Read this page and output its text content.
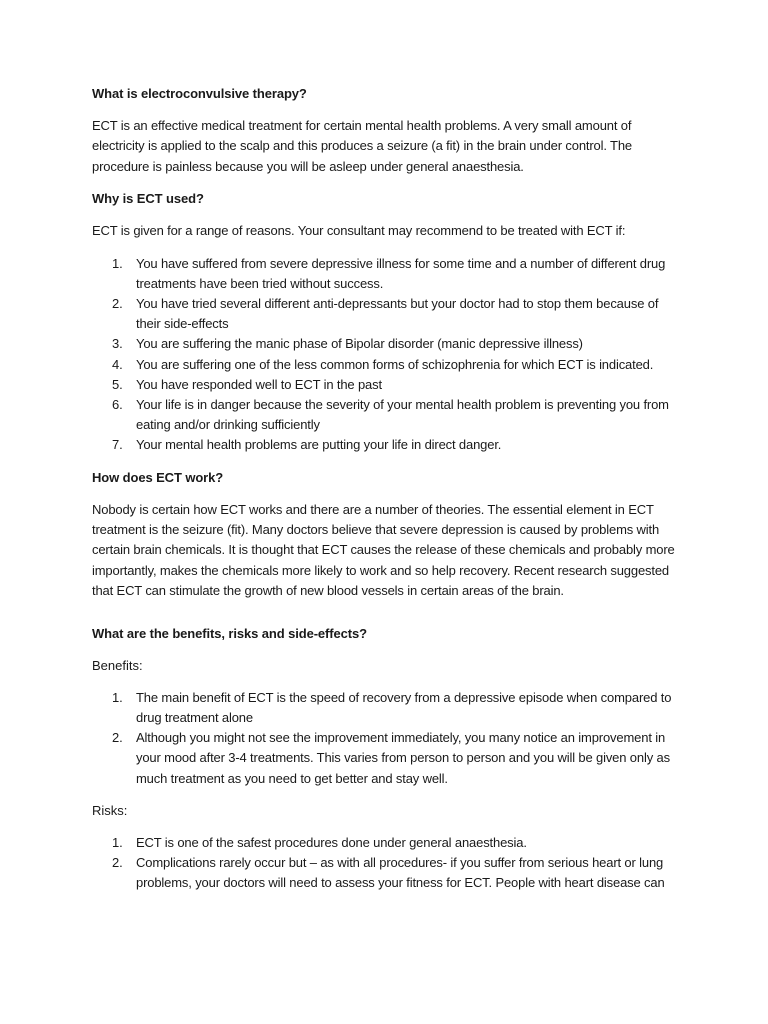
What is electroconvulsive therapy?
ECT is an effective medical treatment for certain mental health problems. A very small amount of electricity is applied to the scalp and this produces a seizure (a fit) in the brain under control. The procedure is painless because you will be asleep under general anaesthesia.
Why is ECT used?
ECT is given for a range of reasons. Your consultant may recommend to be treated with ECT if:
1. You have suffered from severe depressive illness for some time and a number of different drug treatments have been tried without success.
2. You have tried several different anti-depressants but your doctor had to stop them because of their side-effects
3. You are suffering the manic phase of Bipolar disorder (manic depressive illness)
4. You are suffering one of the less common forms of schizophrenia for which ECT is indicated.
5. You have responded well to ECT in the past
6. Your life is in danger because the severity of your mental health problem is preventing you from eating and/or drinking sufficiently
7. Your mental health problems are putting your life in direct danger.
How does ECT work?
Nobody is certain how ECT works and there are a number of theories. The essential element in ECT treatment is the seizure (fit). Many doctors believe that severe depression is caused by problems with certain brain chemicals. It is thought that ECT causes the release of these chemicals and probably more importantly, makes the chemicals more likely to work and so help recovery. Recent research suggested that ECT can stimulate the growth of new blood vessels in certain areas of the brain.
What are the benefits, risks and side-effects?
Benefits:
1. The main benefit of ECT is the speed of recovery from a depressive episode when compared to drug treatment alone
2. Although you might not see the improvement immediately, you many notice an improvement in your mood after 3-4 treatments. This varies from person to person and you will be given only as much treatment as you need to get better and stay well.
Risks:
1. ECT is one of the safest procedures done under general anaesthesia.
2. Complications rarely occur but – as with all procedures- if you suffer from serious heart or lung problems, your doctors will need to assess your fitness for ECT. People with heart disease can
